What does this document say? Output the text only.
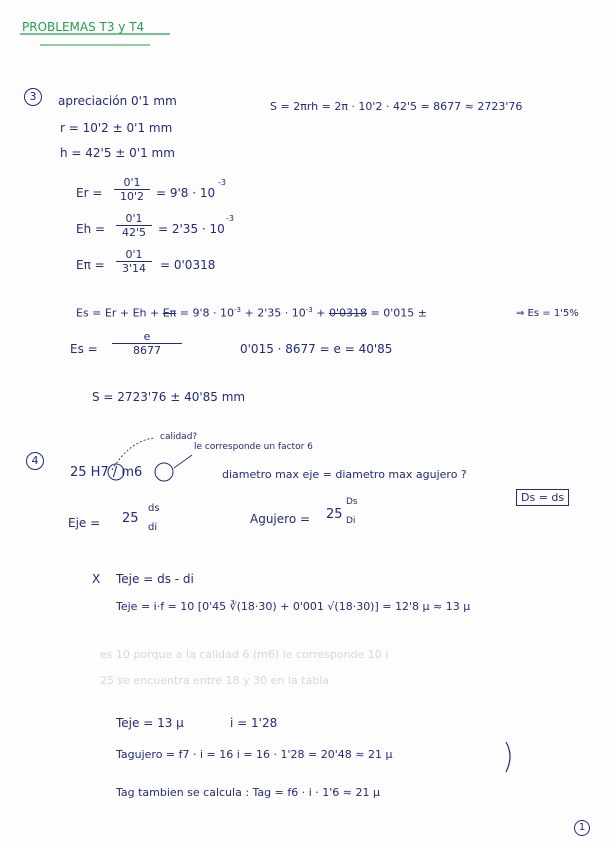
PROBLEMAS T3 y T4
3	apreciación 0'1 mm	S = 2πrh = 2π · 10'2 · 42'5 = 8677 ≈ 2723'76
r = 10'2 ± 0'1 mm
h = 42'5 ± 0'1 mm
$Er = \frac{0'1}{10'2} = 9'8 \cdot 10$
-3
$Eh = \frac{0'1}{42'5} = 2'35 \cdot 10$
-3
$E\pi = \frac{0'1}{3'14} = 0'0318$
$Es = Er + Eh + E\pi = 9'8 \cdot 10^{-3} + 2'35 \cdot 10^{-3} + 0'0318 = 0'015$ ±	⇒ Es = 1'5%
$Es = \frac{e}{8677}$	0'015 · 8677 = e = 40'85
S = 2723'76 ± 40'85 mm
4
calidad?
25 H7 / m6
le corresponde un factor 6
diametro max eje = diametro max agujero ?
Ds = ds
Eje = 25
ds
di
Agujero = 25
Ds
Di
X Teje = ds - di
Teje = i·f = 10 [0'45 ∛(18·30) + 0'001 √(18·30)] = 12'8 μ ≈ 13 μ
es 10 porque a la calidad 6 (m6) le corresponde 10 i
25 se encuentra entre 18 y 30 en la tabla
Teje = 13 μ	i = 1'28
Tagujero = f7 · i = 16 i = 16 · 1'28 = 20'48 ≈ 21 μ
Tag tambien se calcula : Tag = f6 · i · 1'6 ≈ 21 μ
1
